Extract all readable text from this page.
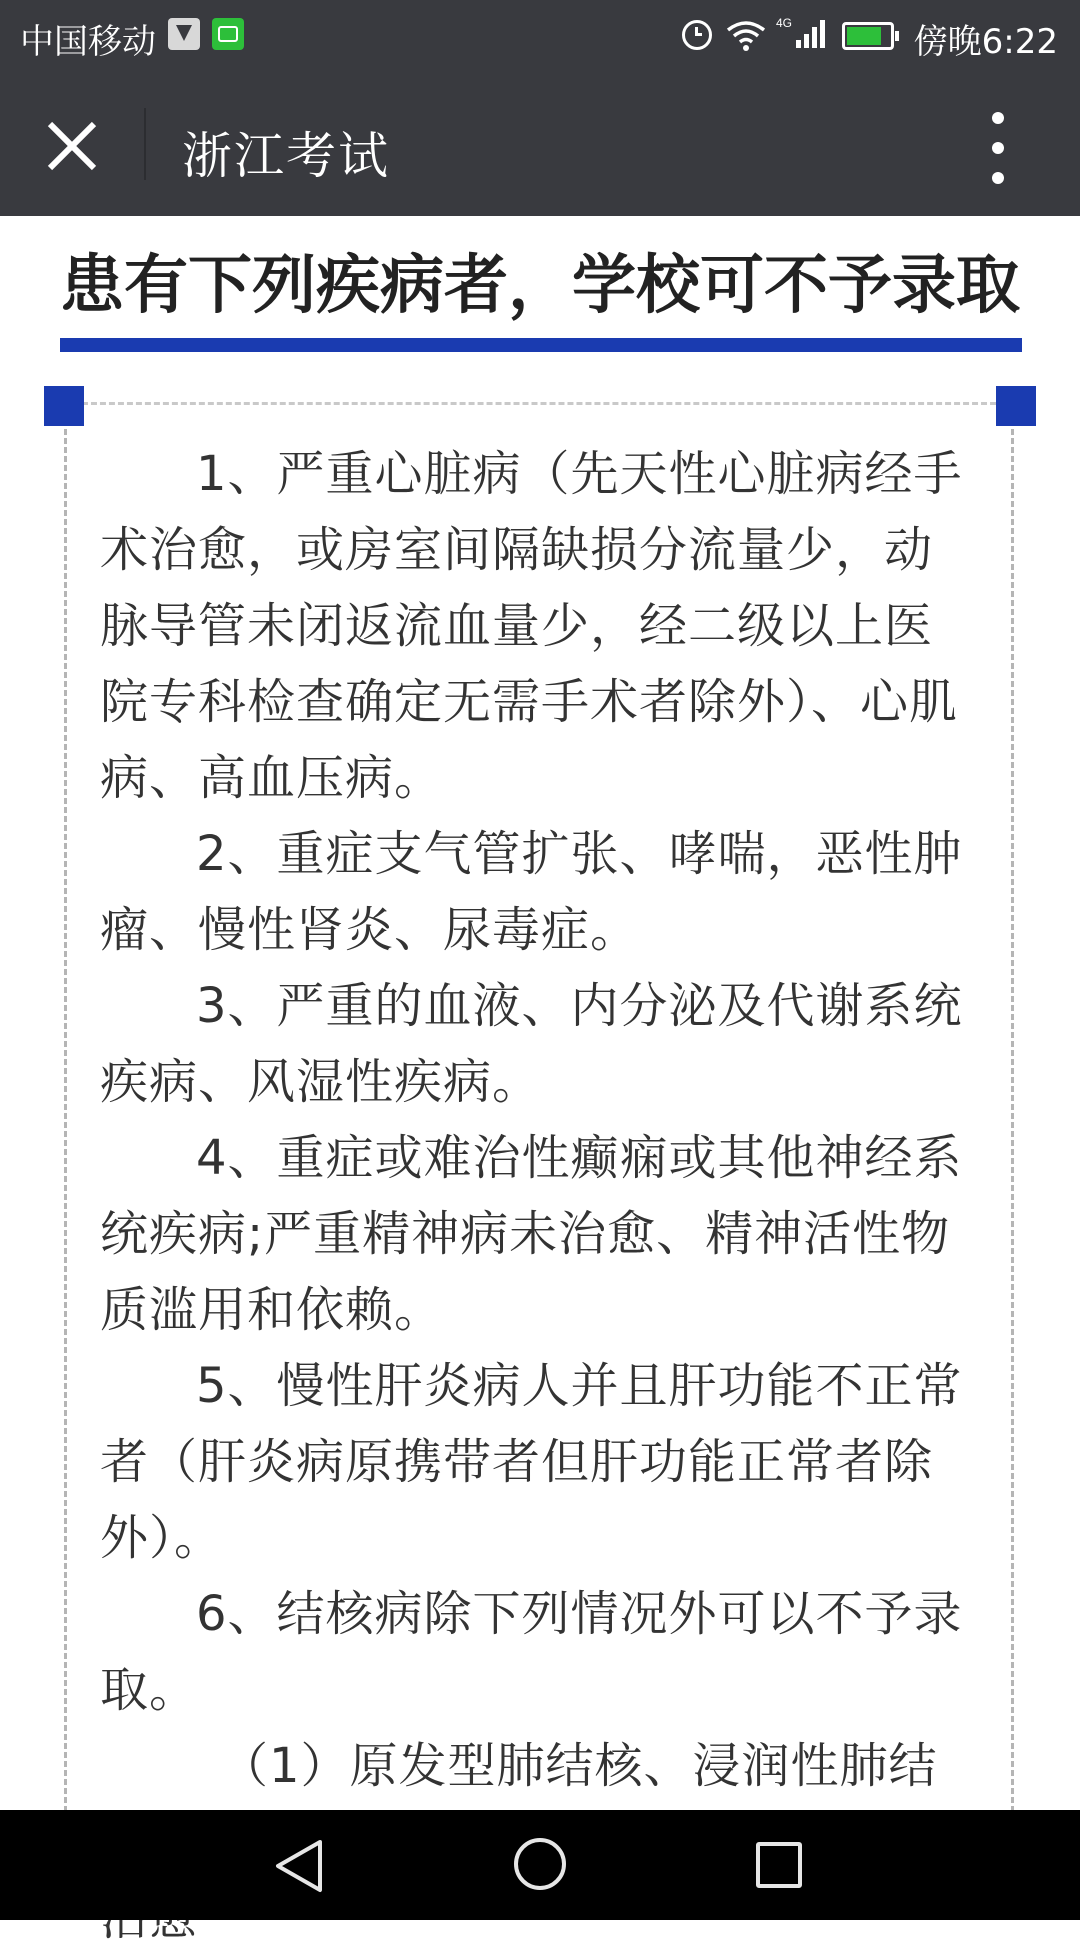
中国移动	4G	傍晚6:22
浙江考试
患有下列疾病者，学校可不予录取

1、严重心脏病（先天性心脏病经手术治愈，或房室间隔缺损分流量少，动脉导管未闭返流血量少，经二级以上医院专科检查确定无需手术者除外）、心肌病、高血压病。

2、重症支气管扩张、哮喘，恶性肿瘤、慢性肾炎、尿毒症。

3、严重的血液、内分泌及代谢系统疾病、风湿性疾病。

4、重症或难治性癫痫或其他神经系统疾病;严重精神病未治愈、精神活性物质滥用和依赖。

5、慢性肝炎病人并且肝功能不正常者（肝炎病原携带者但肝功能正常者除外）。

6、结核病除下列情况外可以不予录取。

（1）原发型肺结核、浸润性肺结
